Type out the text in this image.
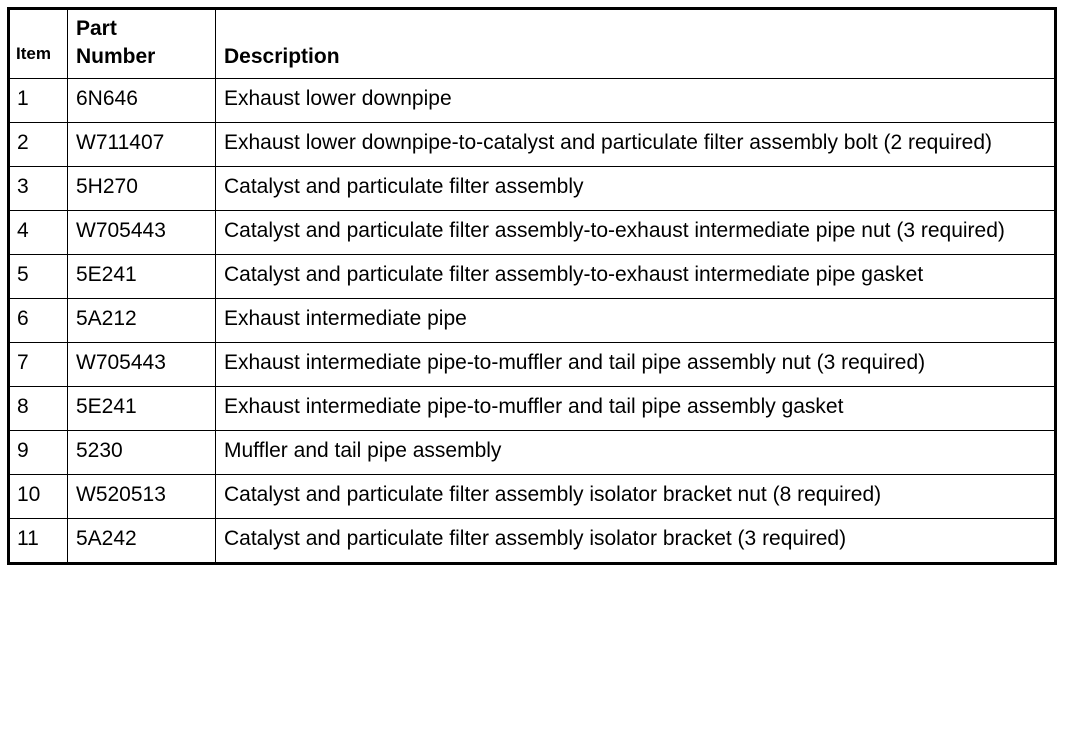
Item	Part Number	Description
1	6N646	Exhaust lower downpipe
2	W711407	Exhaust lower downpipe-to-catalyst and particulate filter assembly bolt (2 required)
3	5H270	Catalyst and particulate filter assembly
4	W705443	Catalyst and particulate filter assembly-to-exhaust intermediate pipe nut (3 required)
5	5E241	Catalyst and particulate filter assembly-to-exhaust intermediate pipe gasket
6	5A212	Exhaust intermediate pipe
7	W705443	Exhaust intermediate pipe-to-muffler and tail pipe assembly nut (3 required)
8	5E241	Exhaust intermediate pipe-to-muffler and tail pipe assembly gasket
9	5230	Muffler and tail pipe assembly
10	W520513	Catalyst and particulate filter assembly isolator bracket nut (8 required)
11	5A242	Catalyst and particulate filter assembly isolator bracket (3 required)
